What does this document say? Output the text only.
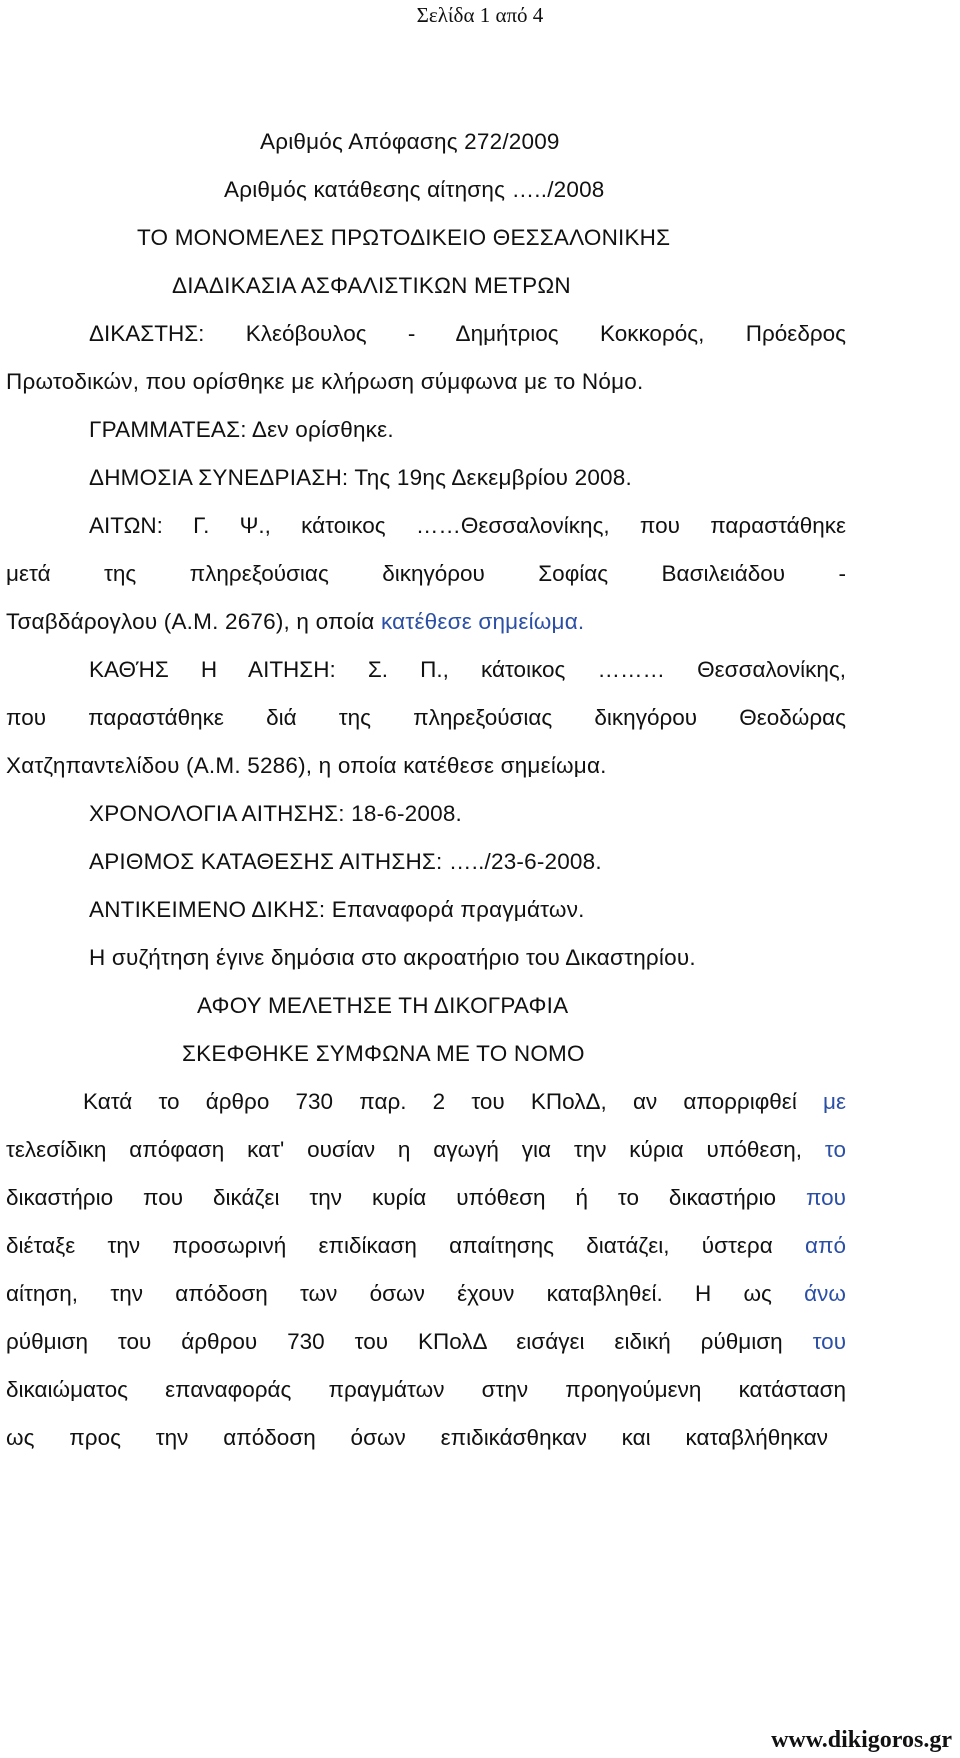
Σελίδα 1 από 4
Αριθμός Απόφασης 272/2009
Αριθμός κατάθεσης αίτησης …../2008
ΤΟ ΜΟΝΟΜΕΛΕΣ ΠΡΩΤΟΔΙΚΕΙΟ ΘΕΣΣΑΛΟΝΙΚΗΣ
ΔΙΑΔΙΚΑΣΙΑ ΑΣΦΑΛΙΣΤΙΚΩΝ ΜΕΤΡΩΝ
ΔΙΚΑΣΤΗΣ: Κλεόβουλος - Δημήτριος Κοκκορός, Πρόεδρος
Πρωτοδικών, που ορίσθηκε με κλήρωση σύμφωνα με το Νόμο.
ΓΡΑΜΜΑΤΕΑΣ: Δεν ορίσθηκε.
ΔΗΜΟΣΙΑ ΣΥΝΕΔΡΙΑΣΗ: Της 19ης Δεκεμβρίου 2008.
ΑΙΤΩΝ: Γ. Ψ., κάτοικος ……Θεσσαλονίκης, που παραστάθηκε
μετά της πληρεξούσιας δικηγόρου Σοφίας Βασιλειάδου -
Τσαβδάρογλου (Α.Μ. 2676), η οποία κατέθεσε σημείωμα.
ΚΑΘΉΣ Η ΑΙΤΗΣΗ: Σ. Π., κάτοικος ……… Θεσσαλονίκης,
που παραστάθηκε διά της πληρεξούσιας δικηγόρου Θεοδώρας
Χατζηπαντελίδου (Α.Μ. 5286), η οποία κατέθεσε σημείωμα.
ΧΡΟΝΟΛΟΓΙΑ ΑΙΤΗΣΗΣ: 18-6-2008.
ΑΡΙΘΜΟΣ ΚΑΤΑΘΕΣΗΣ ΑΙΤΗΣΗΣ: …../23-6-2008.
ΑΝΤΙΚΕΙΜΕΝΟ ΔΙΚΗΣ: Επαναφορά πραγμάτων.
Η συζήτηση έγινε δημόσια στο ακροατήριο του Δικαστηρίου.
ΑΦΟΥ ΜΕΛΕΤΗΣΕ ΤΗ ΔΙΚΟΓΡΑΦΙΑ
ΣΚΕΦΘΗΚΕ ΣΥΜΦΩΝΑ ΜΕ ΤΟ ΝΟΜΟ
Κατά το άρθρο 730 παρ. 2 του ΚΠολΔ, αν απορριφθεί με
τελεσίδικη απόφαση κατ' ουσίαν η αγωγή για την κύρια υπόθεση, το
δικαστήριο που δικάζει την κυρία υπόθεση ή το δικαστήριο που
διέταξε την προσωρινή επιδίκαση απαίτησης διατάζει, ύστερα από
αίτηση, την απόδοση των όσων έχουν καταβληθεί. Η ως άνω
ρύθμιση του άρθρου 730 του ΚΠολΔ εισάγει ειδική ρύθμιση του
δικαιώματος επαναφοράς πραγμάτων στην προηγούμενη κατάσταση
ως προς την απόδοση όσων επιδικάσθηκαν και καταβλήθηκαν
www.dikigoros.gr
